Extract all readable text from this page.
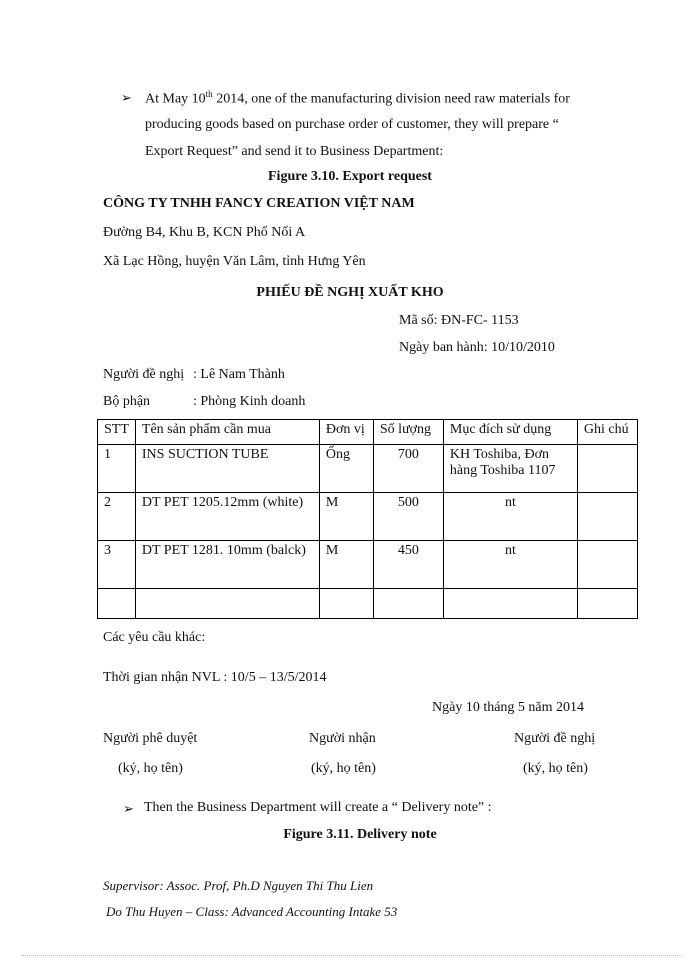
➢ At May 10th 2014, one of the manufacturing division need raw materials for
producing goods based on purchase order of customer, they will prepare “
Export Request” and send it to Business Department:
Figure 3.10. Export request
CÔNG TY TNHH FANCY CREATION VIỆT NAM
Đường B4, Khu B, KCN Phố Nối A
Xã Lạc Hồng, huyện Văn Lâm, tỉnh Hưng Yên
PHIẾU ĐỀ NGHỊ XUẤT KHO
Mã số: ĐN-FC- 1153
Ngày ban hành: 10/10/2010
Người đề nghị : Lê Nam Thành
Bộ phận	: Phòng Kinh doanh
STT	Tên sản phẩm cần mua	Đơn vị	Số lượng	Mục đích sử dụng	Ghi chú
1	INS SUCTION TUBE	Ống	700	KH Toshiba, Đơn hàng Toshiba 1107	
2	DT PET 1205.12mm (white)	M	500	nt	
3	DT PET 1281. 10mm (balck)	M	450	nt	

Các yêu cầu khác:
Thời gian nhận NVL : 10/5 – 13/5/2014
Ngày 10 tháng 5 năm 2014
Người phê duyệt	Người nhận	Người đề nghị
(ký, họ tên)	(ký, họ tên)	(ký, họ tên)
➢ Then the Business Department will create a “ Delivery note” :
Figure 3.11. Delivery note
Supervisor: Assoc. Prof, Ph.D Nguyen Thi Thu Lien
Do Thu Huyen – Class: Advanced Accounting Intake 53
